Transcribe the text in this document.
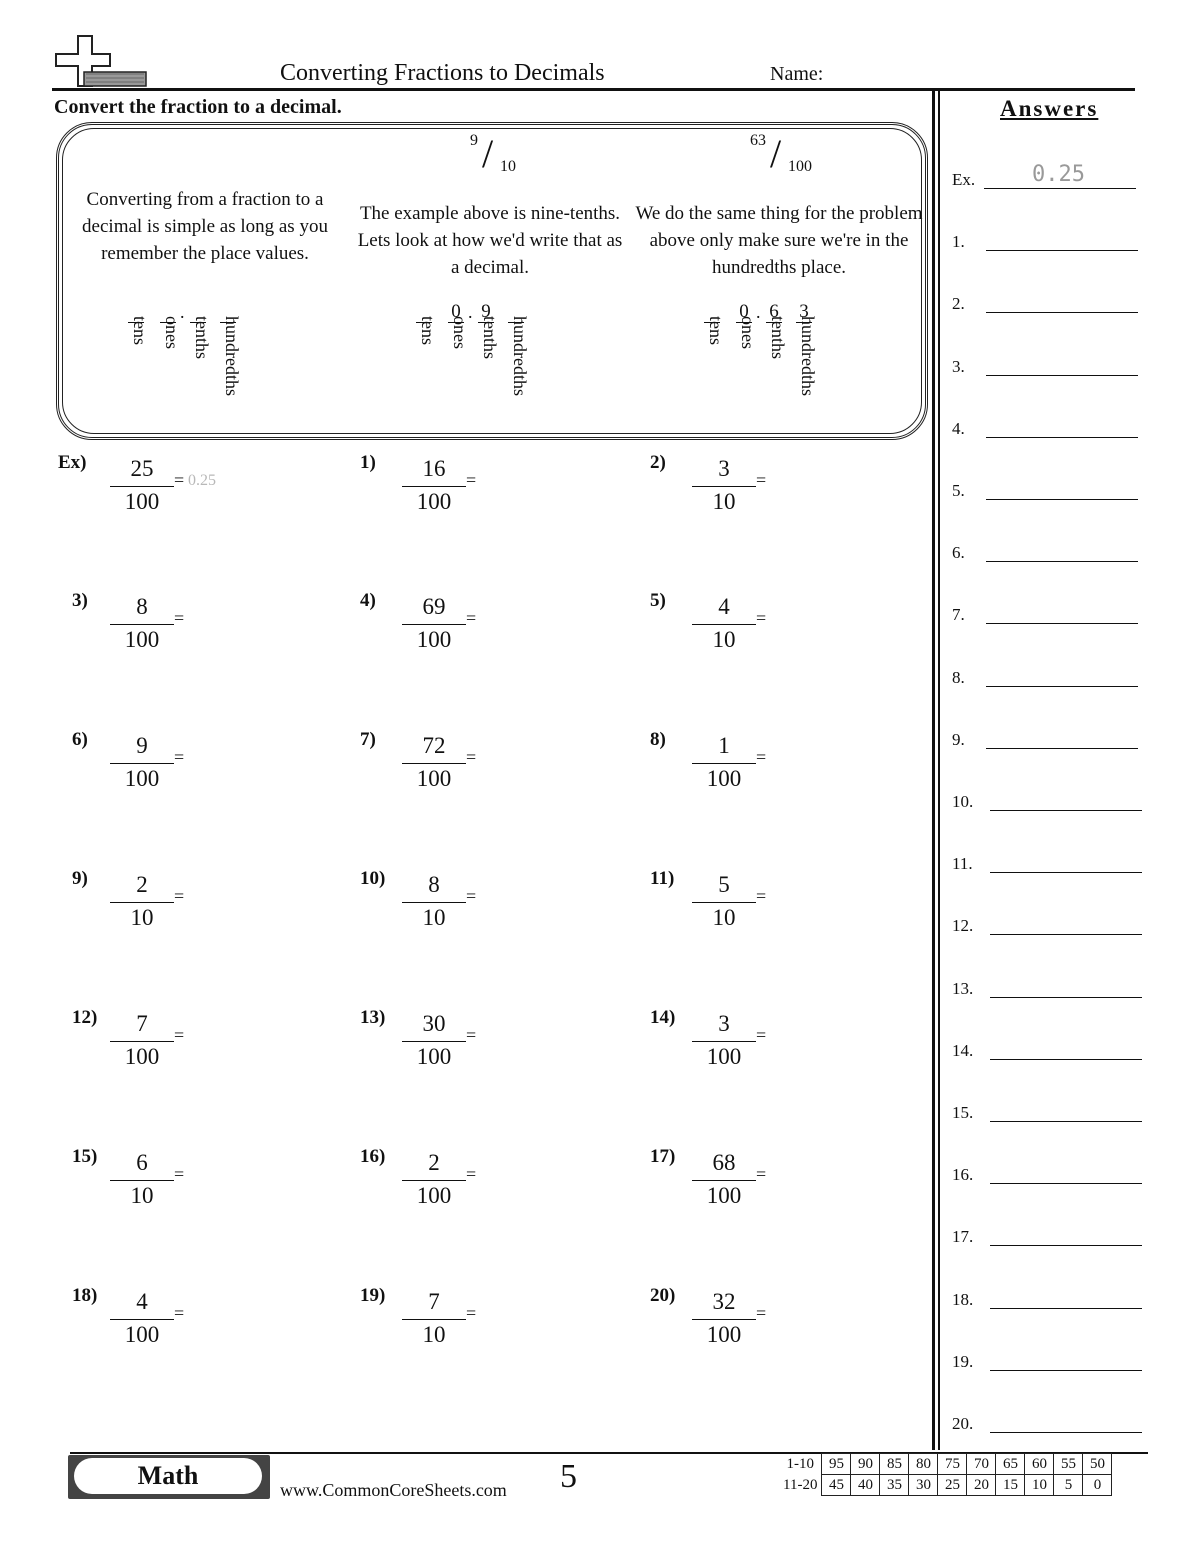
Converting Fractions to Decimals	Name:
Convert the fraction to a decimal.
Converting from a fraction to a decimal is simple as long as you remember the place values.
9 / 10
The example above is nine-tenths. Lets look at how we'd write that as a decimal.
63 / 100
We do the same thing for the problem above only make sure we're in the hundredths place.
.
tens ones tenths hundredths
0 . 9
tens ones tenths hundredths
0 . 6 3
tens ones tenths hundredths
Ex)	25
100
= 0.25
1)	16
100
=
2)	3
10
=
3)	8
100
=
4)	69
100
=
5)	4
10
=
6)	9
100
=
7)	72
100
=
8)	1
100
=
9)	2
10
=
10)	8
10
=
11)	5
10
=
12)	7
100
=
13)	30
100
=
14)	3
100
=
15)	6
10
=
16)	2
100
=
17)	68
100
=
18)	4
100
=
19)	7
10
=
20)	32
100
=
Answers
Ex.	0.25
1.
2.
3.
4.
5.
6.
7.
8.
9.
10.
11.
12.
13.
14.
15.
16.
17.
18.
19.
20.
Math	www.CommonCoreSheets.com 5	1-10	95	90	85	80	75	70	65	60	55	50
11-20	45	40	35	30	25	20	15	10	5	0
